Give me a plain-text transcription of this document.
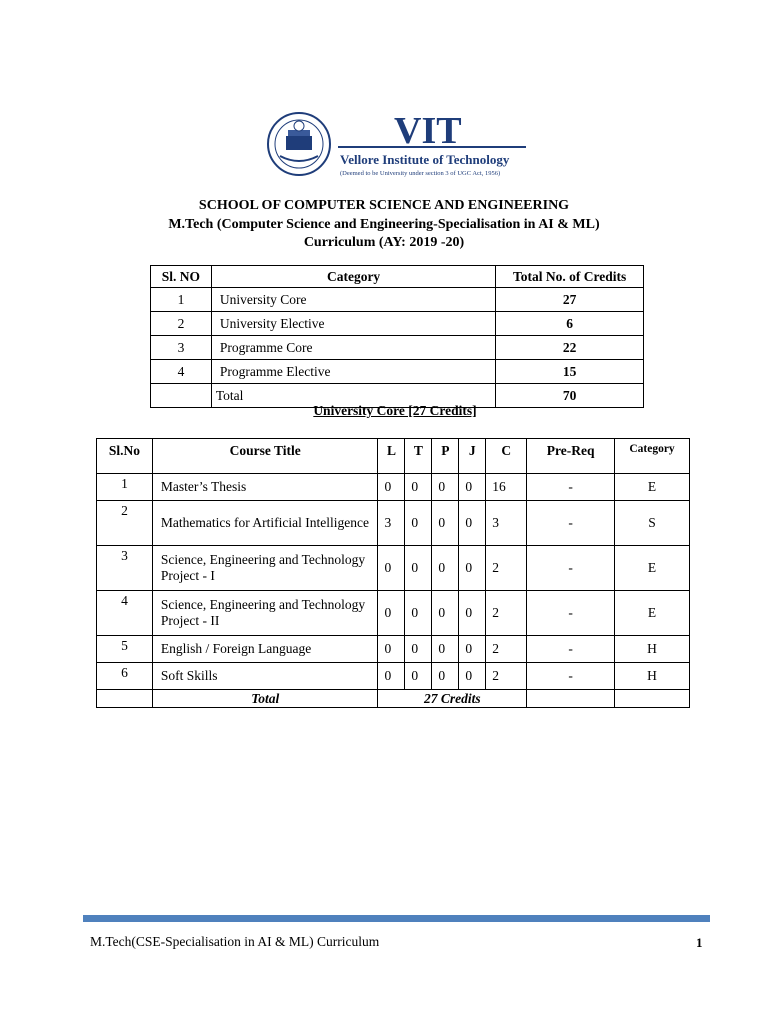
VIT
Vellore Institute of Technology
(Deemed to be University under section 3 of UGC Act, 1956)
SCHOOL OF COMPUTER SCIENCE AND ENGINEERING
M.Tech (Computer Science and Engineering-Specialisation in AI & ML)
Curriculum (AY: 2019 -20)
Sl. NO	Category	Total No. of Credits
1	University Core	27
2	University Elective	6
3	Programme Core	22
4	Programme Elective	15
	Total	70
University Core [27 Credits]
Sl.No	Course Title	L	T	P	J	C	Pre-Req	Category
1	Master’s Thesis	0	0	0	0	16	-	E
2	Mathematics for Artificial Intelligence	3	0	0	0	3	-	S
3	Science, Engineering and Technology Project - I	0	0	0	0	2	-	E
4	Science, Engineering and Technology Project - II	0	0	0	0	2	-	E
5	English / Foreign Language	0	0	0	0	2	-	H
6	Soft Skills	0	0	0	0	2	-	H
	Total	27 Credits						
M.Tech(CSE-Specialisation in AI & ML) Curriculum	1
